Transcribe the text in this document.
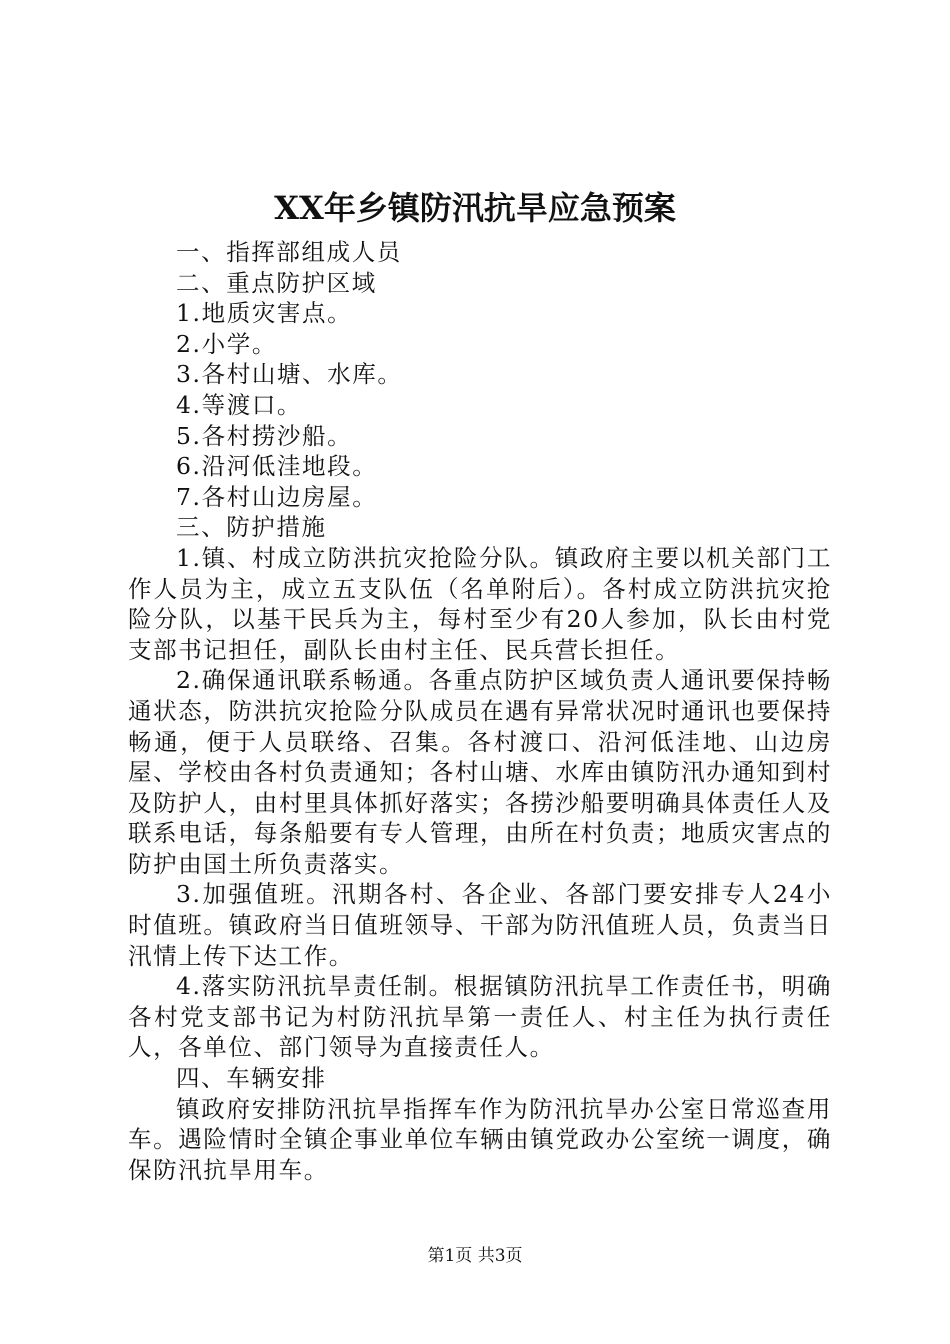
XX年乡镇防汛抗旱应急预案
一、指挥部组成人员
二、重点防护区域
1.地质灾害点。
2.小学。
3.各村山塘、水库。
4.等渡口。
5.各村捞沙船。
6.沿河低洼地段。
7.各村山边房屋。
三、防护措施

1.镇、村成立防洪抗灾抢险分队。镇政府主要以机关部门工作人员为主，成立五支队伍（名单附后）。各村成立防洪抗灾抢险分队，以基干民兵为主，每村至少有20人参加，队长由村党支部书记担任，副队长由村主任、民兵营长担任。

2.确保通讯联系畅通。各重点防护区域负责人通讯要保持畅通状态，防洪抗灾抢险分队成员在遇有异常状况时通讯也要保持畅通，便于人员联络、召集。各村渡口、沿河低洼地、山边房屋、学校由各村负责通知；各村山塘、水库由镇防汛办通知到村及防护人，由村里具体抓好落实；各捞沙船要明确具体责任人及联系电话，每条船要有专人管理，由所在村负责；地质灾害点的防护由国土所负责落实。

3.加强值班。汛期各村、各企业、各部门要安排专人24小时值班。镇政府当日值班领导、干部为防汛值班人员，负责当日汛情上传下达工作。

4.落实防汛抗旱责任制。根据镇防汛抗旱工作责任书，明确各村党支部书记为村防汛抗旱第一责任人、村主任为执行责任人，各单位、部门领导为直接责任人。

四、车辆安排

镇政府安排防汛抗旱指挥车作为防汛抗旱办公室日常巡查用车。遇险情时全镇企事业单位车辆由镇党政办公室统一调度，确保防汛抗旱用车。

第1页 共3页
